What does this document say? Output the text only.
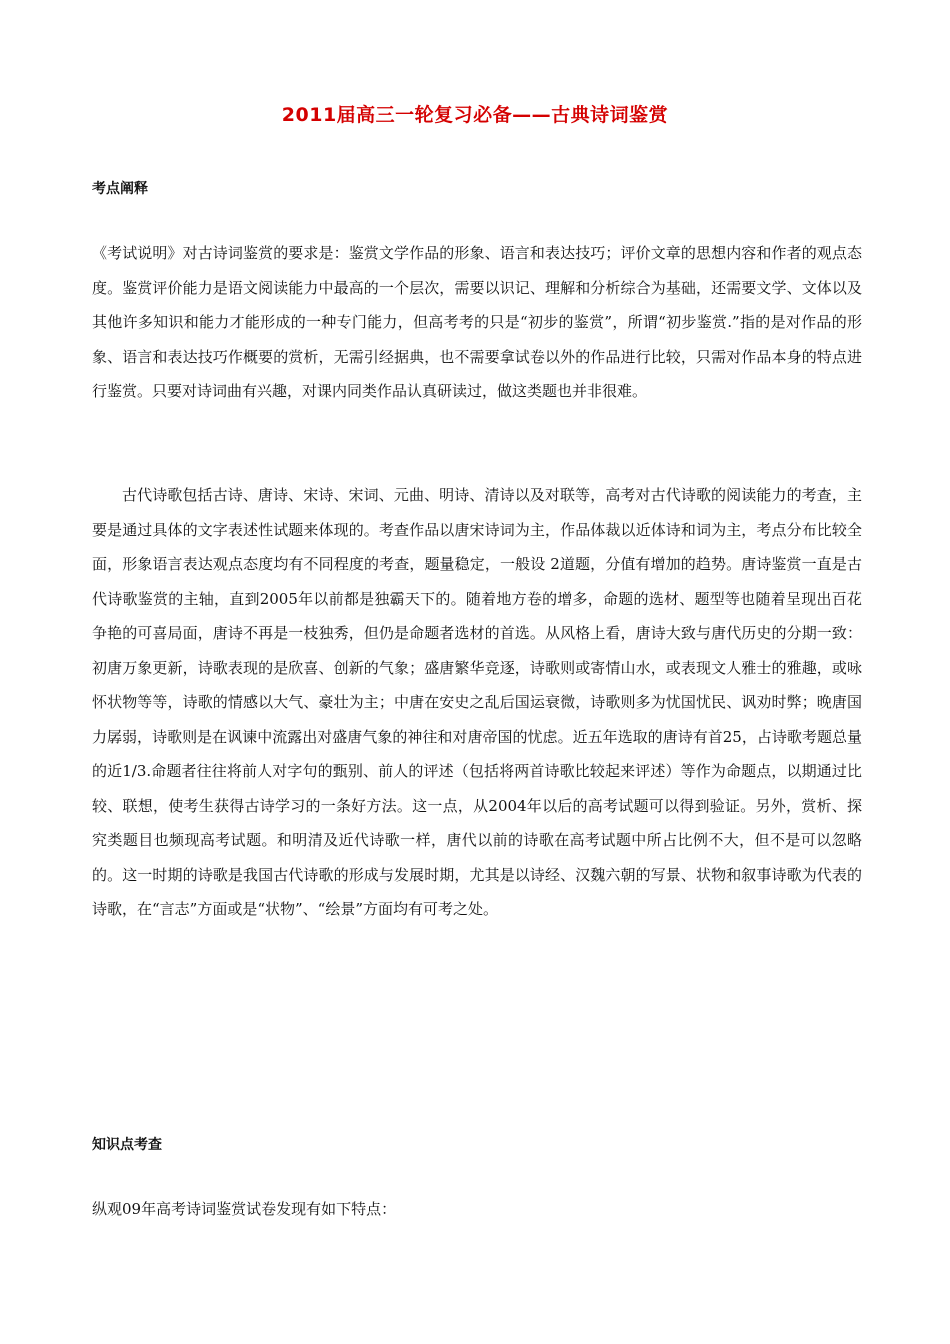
2011届高三一轮复习必备——古典诗词鉴赏
考点阐释

《考试说明》对古诗词鉴赏的要求是：鉴赏文学作品的形象、语言和表达技巧；评价文章的思想内容和作者的观点态度。鉴赏评价能力是语文阅读能力中最高的一个层次，需要以识记、理解和分析综合为基础，还需要文学、文体以及其他许多知识和能力才能形成的一种专门能力，但高考考的只是“初步的鉴赏”，所谓“初步鉴赏.”指的是对作品的形象、语言和表达技巧作概要的赏析，无需引经据典，也不需要拿试卷以外的作品进行比较，只需对作品本身的特点进行鉴赏。只要对诗词曲有兴趣，对课内同类作品认真研读过，做这类题也并非很难。

古代诗歌包括古诗、唐诗、宋诗、宋词、元曲、明诗、清诗以及对联等，高考对古代诗歌的阅读能力的考查，主要是通过具体的文字表述性试题来体现的。考查作品以唐宋诗词为主，作品体裁以近体诗和词为主，考点分布比较全面，形象语言表达观点态度均有不同程度的考查，题量稳定，一般设 2道题，分值有增加的趋势。唐诗鉴赏一直是古代诗歌鉴赏的主轴，直到2005年以前都是独霸天下的。随着地方卷的增多，命题的选材、题型等也随着呈现出百花争艳的可喜局面，唐诗不再是一枝独秀，但仍是命题者选材的首选。从风格上看，唐诗大致与唐代历史的分期一致：初唐万象更新，诗歌表现的是欣喜、创新的气象；盛唐繁华竞逐，诗歌则或寄情山水，或表现文人雅士的雅趣，或咏怀状物等等，诗歌的情感以大气、豪壮为主；中唐在安史之乱后国运衰微，诗歌则多为忧国忧民、讽劝时弊；晚唐国力孱弱，诗歌则是在讽谏中流露出对盛唐气象的神往和对唐帝国的忧虑。近五年选取的唐诗有首25，占诗歌考题总量的近1/3.命题者往往将前人对字句的甄别、前人的评述（包括将两首诗歌比较起来评述）等作为命题点，以期通过比较、联想，使考生获得古诗学习的一条好方法。这一点，从2004年以后的高考试题可以得到验证。另外，赏析、探究类题目也频现高考试题。和明清及近代诗歌一样，唐代以前的诗歌在高考试题中所占比例不大，但不是可以忽略的。这一时期的诗歌是我国古代诗歌的形成与发展时期，尤其是以诗经、汉魏六朝的写景、状物和叙事诗歌为代表的诗歌，在“言志”方面或是“状物”、“绘景”方面均有可考之处。

知识点考查

纵观09年高考诗词鉴赏试卷发现有如下特点：
